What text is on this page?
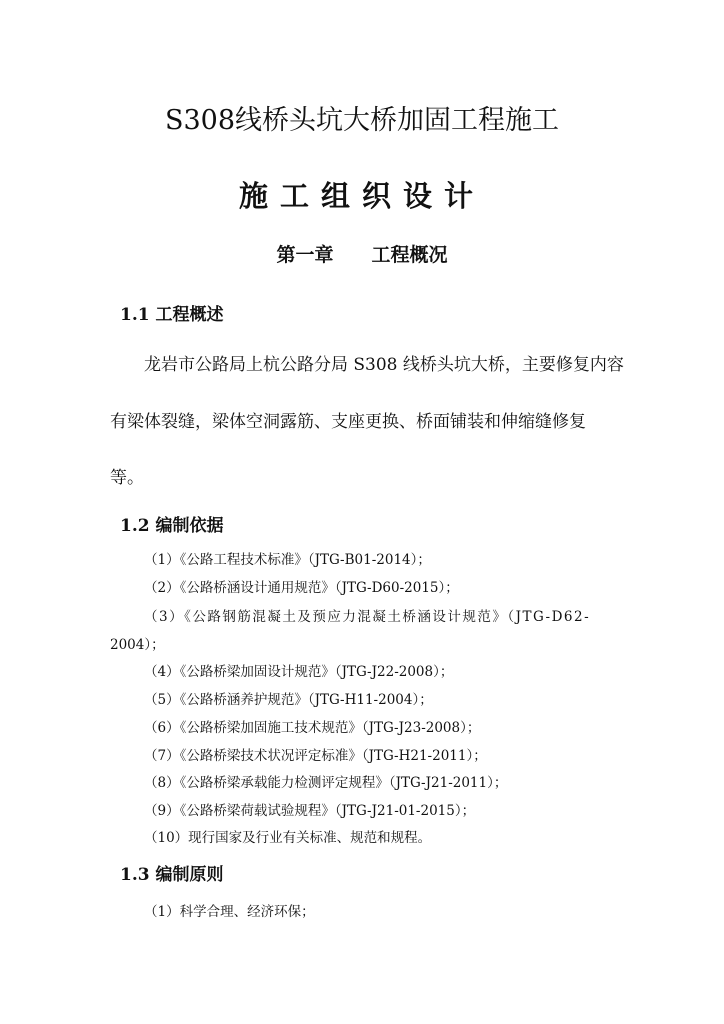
S308线桥头坑大桥加固工程施工
施工组织设计
第一章 工程概况
1.1 工程概述
龙岩市公路局上杭公路分局 S308 线桥头坑大桥，主要修复内容
有梁体裂缝，梁体空洞露筋、支座更换、桥面铺装和伸缩缝修复
等。
1.2 编制依据
（1）《公路工程技术标准》（JTG-B01-2014）；
（2）《公路桥涵设计通用规范》（JTG-D60-2015）；
（3）《公路钢筋混凝土及预应力混凝土桥涵设计规范》（JTG-D62-
2004）；
（4）《公路桥梁加固设计规范》（JTG-J22-2008）；
（5）《公路桥涵养护规范》（JTG-H11-2004）；
（6）《公路桥梁加固施工技术规范》（JTG-J23-2008）；
（7）《公路桥梁技术状况评定标准》（JTG-H21-2011）；
（8）《公路桥梁承载能力检测评定规程》（JTG-J21-2011）；
（9）《公路桥梁荷载试验规程》（JTG-J21-01-2015）；
（10）现行国家及行业有关标准、规范和规程。
1.3 编制原则
（1）科学合理、经济环保；
